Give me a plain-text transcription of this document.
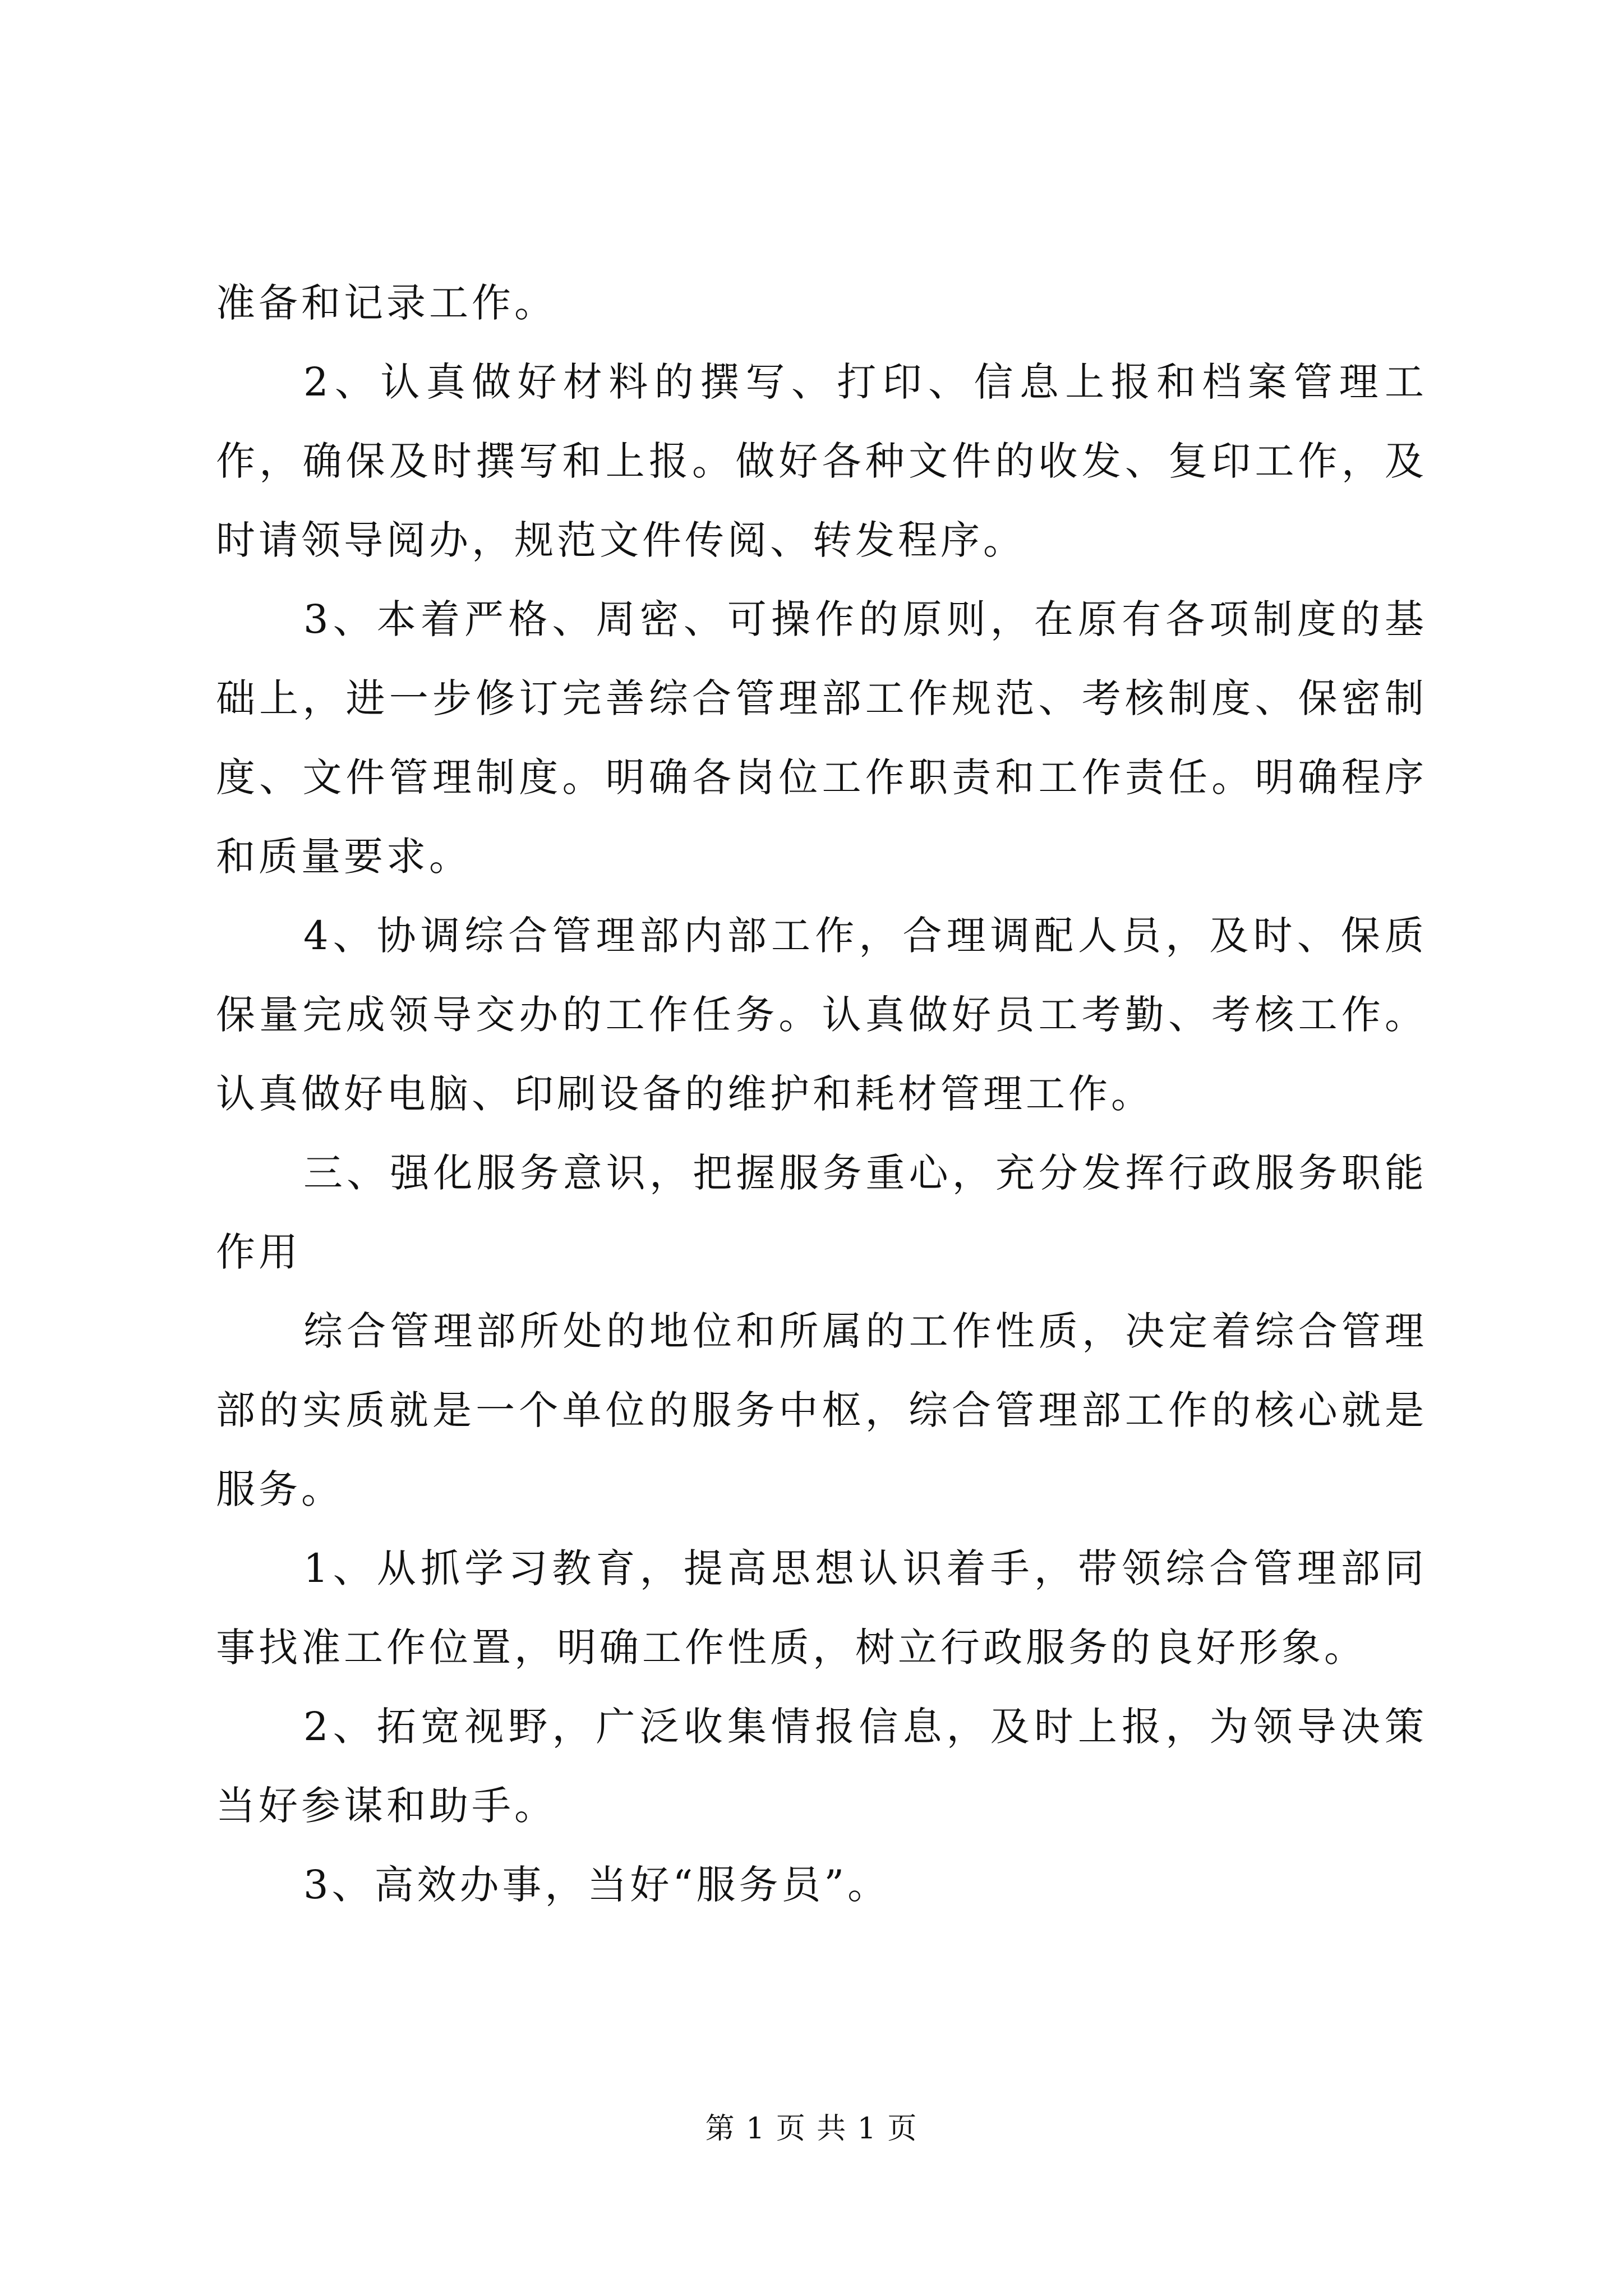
准备和记录工作。

2、认真做好材料的撰写、打印、信息上报和档案管理工作，确保及时撰写和上报。做好各种文件的收发、复印工作，及时请领导阅办，规范文件传阅、转发程序。

3、本着严格、周密、可操作的原则，在原有各项制度的基础上，进一步修订完善综合管理部工作规范、考核制度、保密制度、文件管理制度。明确各岗位工作职责和工作责任。明确程序和质量要求。

4、协调综合管理部内部工作，合理调配人员，及时、保质保量完成领导交办的工作任务。认真做好员工考勤、考核工作。认真做好电脑、印刷设备的维护和耗材管理工作。

三、强化服务意识，把握服务重心，充分发挥行政服务职能作用

综合管理部所处的地位和所属的工作性质，决定着综合管理部的实质就是一个单位的服务中枢，综合管理部工作的核心就是服务。

1、从抓学习教育，提高思想认识着手，带领综合管理部同事找准工作位置，明确工作性质，树立行政服务的良好形象。

2、拓宽视野，广泛收集情报信息，及时上报，为领导决策当好参谋和助手。

3、高效办事，当好“服务员”。

第 1 页 共 1 页
